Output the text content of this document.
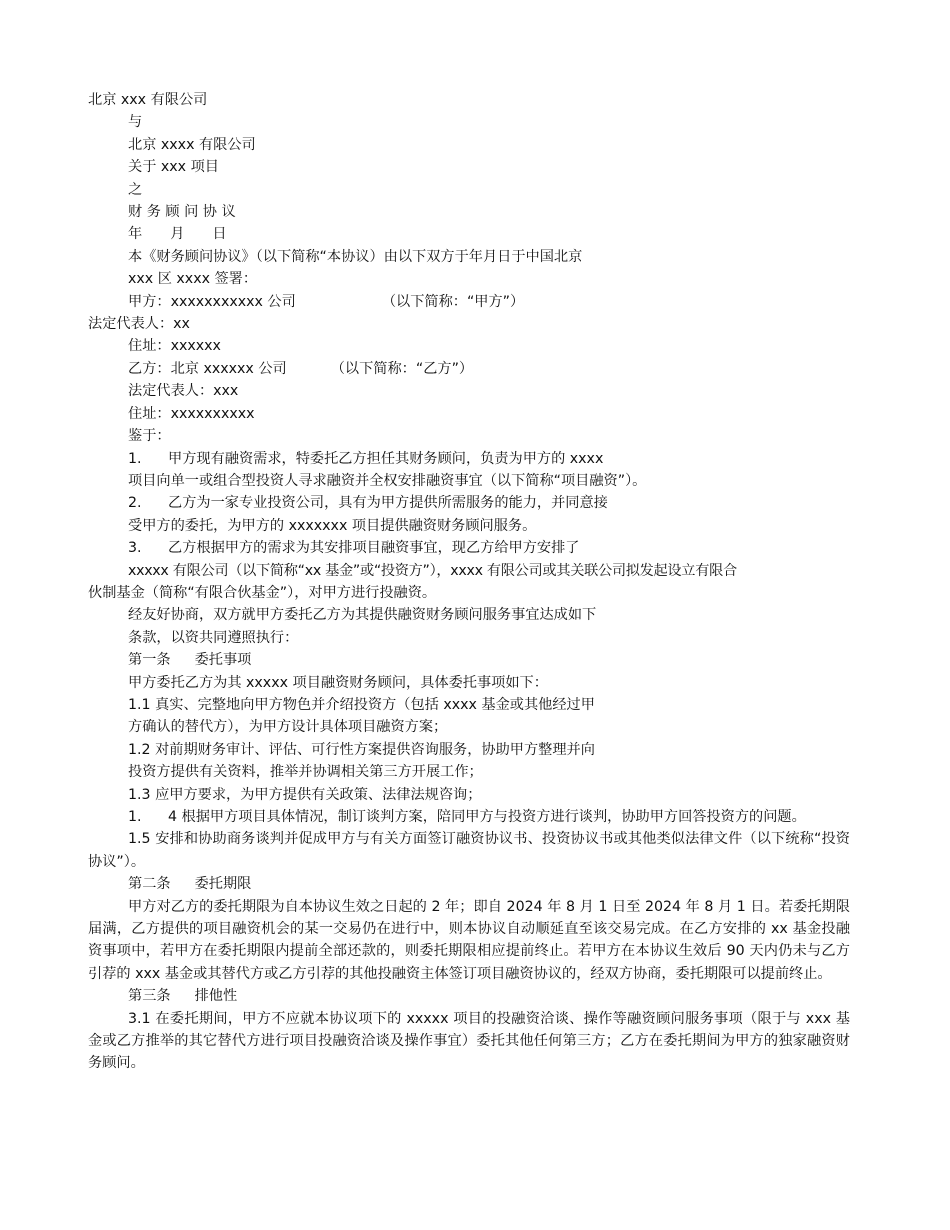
北京 xxx 有限公司

与

北京 xxxx 有限公司

关于 xxx 项目

之

财 务 顾 问 协 议

年 月 日

本《财务顾问协议》（以下简称“本协议）由以下双方于年月日于中国北京

xxx 区 xxxx 签署：

甲方：xxxxxxxxxxx 公司	（以下简称：“甲方”）

法定代表人：xx

住址：xxxxxx

乙方：北京 xxxxxx 公司	（以下简称：“乙方”）

法定代表人：xxx

住址：xxxxxxxxxx

鉴于：

1. 甲方现有融资需求，特委托乙方担任其财务顾问，负责为甲方的 xxxx

项目向单一或组合型投资人寻求融资并全权安排融资事宜（以下简称“项目融资”）。

2. 乙方为一家专业投资公司，具有为甲方提供所需服务的能力，并同意接

受甲方的委托，为甲方的 xxxxxxx 项目提供融资财务顾问服务。

3. 乙方根据甲方的需求为其安排项目融资事宜，现乙方给甲方安排了

xxxxx 有限公司（以下简称“xx 基金”或“投资方”），xxxx 有限公司或其关联公司拟发起设立有限合

伙制基金（简称“有限合伙基金”），对甲方进行投融资。

经友好协商，双方就甲方委托乙方为其提供融资财务顾问服务事宜达成如下

条款，以资共同遵照执行：

第一条 委托事项

甲方委托乙方为其 xxxxx 项目融资财务顾问，具体委托事项如下：

1.1 真实、完整地向甲方物色并介绍投资方（包括 xxxx 基金或其他经过甲

方确认的替代方），为甲方设计具体项目融资方案；

1.2 对前期财务审计、评估、可行性方案提供咨询服务，协助甲方整理并向

投资方提供有关资料，推举并协调相关第三方开展工作；

1.3 应甲方要求，为甲方提供有关政策、法律法规咨询；

1. 4 根据甲方项目具体情况，制订谈判方案，陪同甲方与投资方进行谈判，协助甲方回答投资方的问题。

1.5 安排和协助商务谈判并促成甲方与有关方面签订融资协议书、投资协议书或其他类似法律文件（以下统称“投资协议”）。

第二条 委托期限

甲方对乙方的委托期限为自本协议生效之日起的 2 年；即自 2024 年 8 月 1 日至 2024 年 8 月 1 日。若委托期限届满，乙方提供的项目融资机会的某一交易仍在进行中，则本协议自动顺延直至该交易完成。在乙方安排的 xx 基金投融资事项中，若甲方在委托期限内提前全部还款的，则委托期限相应提前终止。若甲方在本协议生效后 90 天内仍未与乙方引荐的 xxx 基金或其替代方或乙方引荐的其他投融资主体签订项目融资协议的，经双方协商，委托期限可以提前终止。

第三条 排他性

3.1 在委托期间，甲方不应就本协议项下的 xxxxx 项目的投融资洽谈、操作等融资顾问服务事项（限于与 xxx 基金或乙方推举的其它替代方进行项目投融资洽谈及操作事宜）委托其他任何第三方；乙方在委托期间为甲方的独家融资财务顾问。
